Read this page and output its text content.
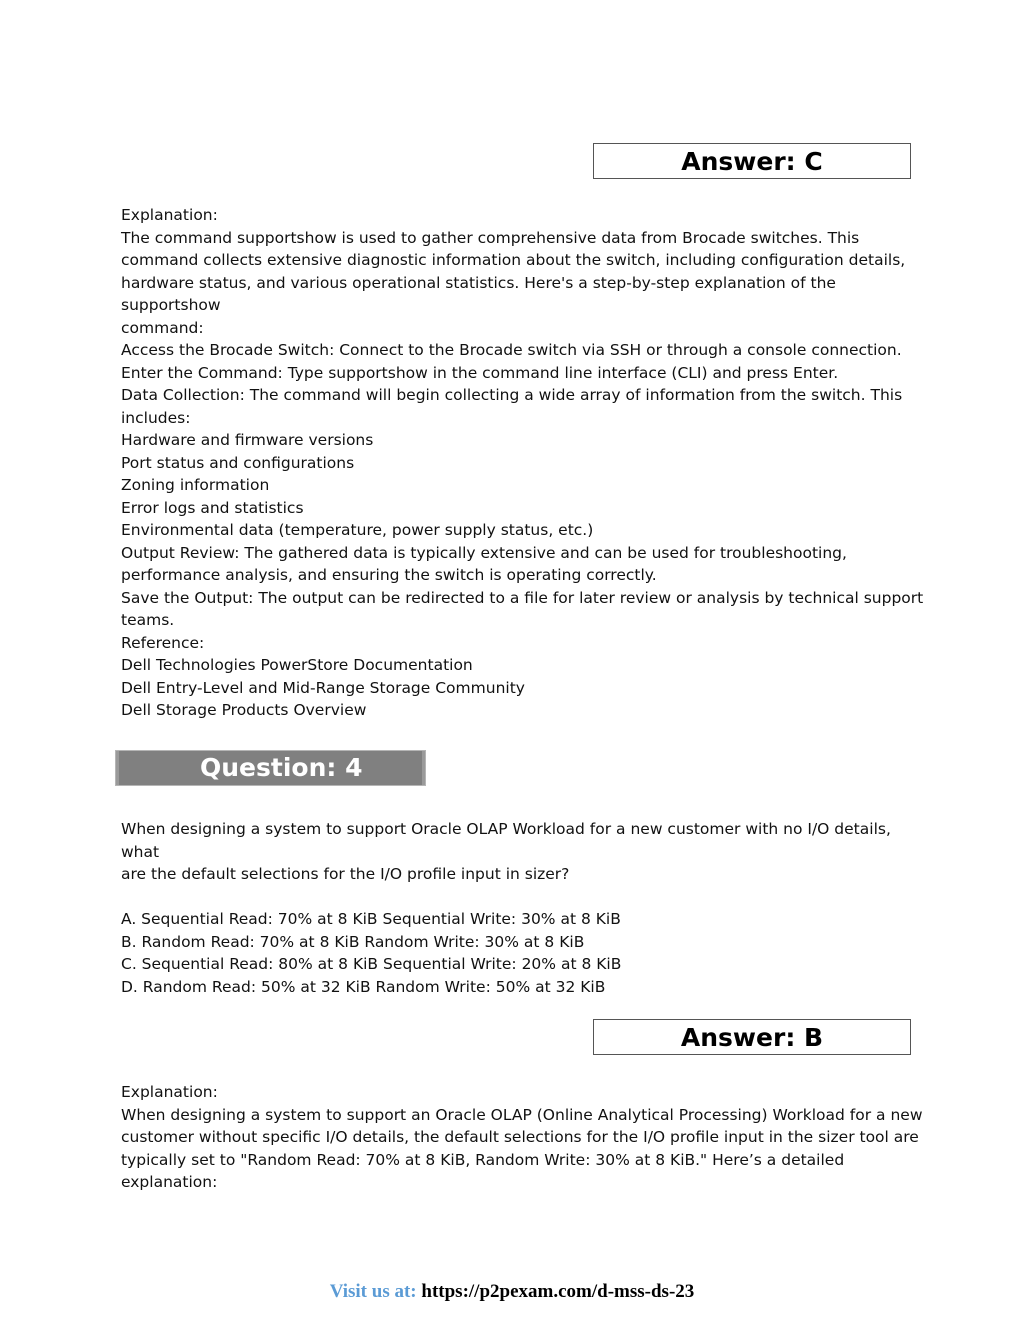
Answer: C
Explanation:
The command supportshow is used to gather comprehensive data from Brocade switches. This
command collects extensive diagnostic information about the switch, including configuration details,
hardware status, and various operational statistics. Here's a step-by-step explanation of the
supportshow
command:
Access the Brocade Switch: Connect to the Brocade switch via SSH or through a console connection.
Enter the Command: Type supportshow in the command line interface (CLI) and press Enter.
Data Collection: The command will begin collecting a wide array of information from the switch. This
includes:
Hardware and firmware versions
Port status and configurations
Zoning information
Error logs and statistics
Environmental data (temperature, power supply status, etc.)
Output Review: The gathered data is typically extensive and can be used for troubleshooting,
performance analysis, and ensuring the switch is operating correctly.
Save the Output: The output can be redirected to a file for later review or analysis by technical support
teams.
Reference:
Dell Technologies PowerStore Documentation
Dell Entry-Level and Mid-Range Storage Community
Dell Storage Products Overview
Question: 4
When designing a system to support Oracle OLAP Workload for a new customer with no I/O details,
what
are the default selections for the I/O profile input in sizer?
A. Sequential Read: 70% at 8 KiB Sequential Write: 30% at 8 KiB
B. Random Read: 70% at 8 KiB Random Write: 30% at 8 KiB
C. Sequential Read: 80% at 8 KiB Sequential Write: 20% at 8 KiB
D. Random Read: 50% at 32 KiB Random Write: 50% at 32 KiB
Answer: B
Explanation:
When designing a system to support an Oracle OLAP (Online Analytical Processing) Workload for a new
customer without specific I/O details, the default selections for the I/O profile input in the sizer tool are
typically set to "Random Read: 70% at 8 KiB, Random Write: 30% at 8 KiB." Here’s a detailed
explanation:
Visit us at: https://p2pexam.com/d-mss-ds-23
